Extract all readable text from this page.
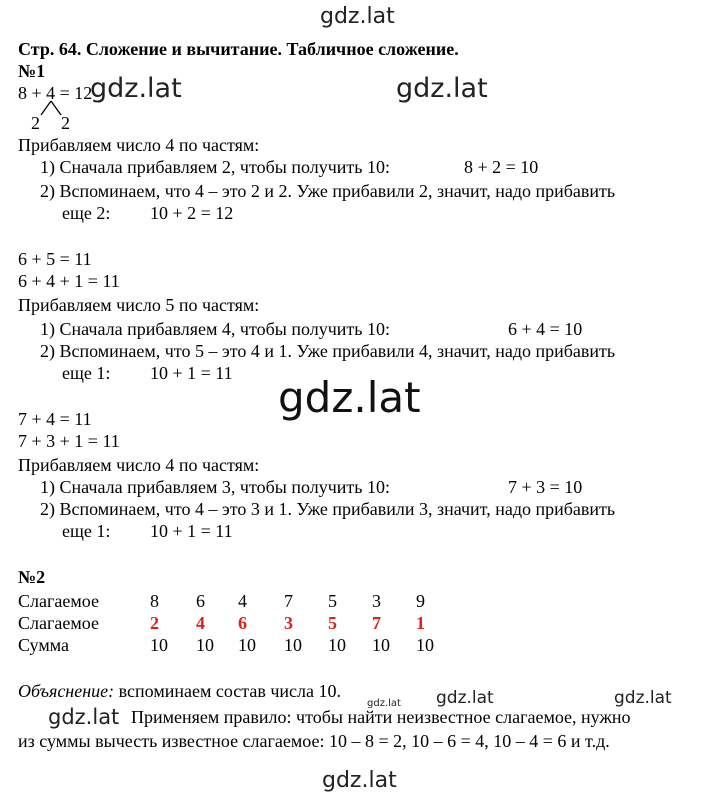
gdz.lat
gdz.lat	gdz.lat
gdz.lat
Стр. 64. Сложение и вычитание. Табличное сложение.
№1
8 + 4 = 12
2 2
Прибавляем число 4 по частям:
1) Сначала прибавляем 2, чтобы получить 10:	8 + 2 = 10
2) Вспоминаем, что 4 – это 2 и 2. Уже прибавили 2, значит, надо прибавить
еще 2: 10 + 2 = 12
6 + 5 = 11
6 + 4 + 1 = 11
Прибавляем число 5 по частям:
1) Сначала прибавляем 4, чтобы получить 10:	6 + 4 = 10
2) Вспоминаем, что 5 – это 4 и 1. Уже прибавили 4, значит, надо прибавить
еще 1: 10 + 1 = 11
7 + 4 = 11
7 + 3 + 1 = 11
Прибавляем число 4 по частям:
1) Сначала прибавляем 3, чтобы получить 10:	7 + 3 = 10
2) Вспоминаем, что 4 – это 3 и 1. Уже прибавили 3, значит, надо прибавить
еще 1: 10 + 1 = 11
№2
Слагаемое	8 6 4 7 5 3 9
Слагаемое	2 4 6 3 5 7 1
Сумма	10 10 10 10 10 10 10
Объяснение: вспоминаем состав числа 10.
Применяем правило: чтобы найти неизвестное слагаемое, нужно
из суммы вычесть известное слагаемое: 10 – 8 = 2, 10 – 6 = 4, 10 – 4 = 6 и т.д.
gdz.lat
gdz.lat	gdz.lat
gdz.lat
gdz.lat
